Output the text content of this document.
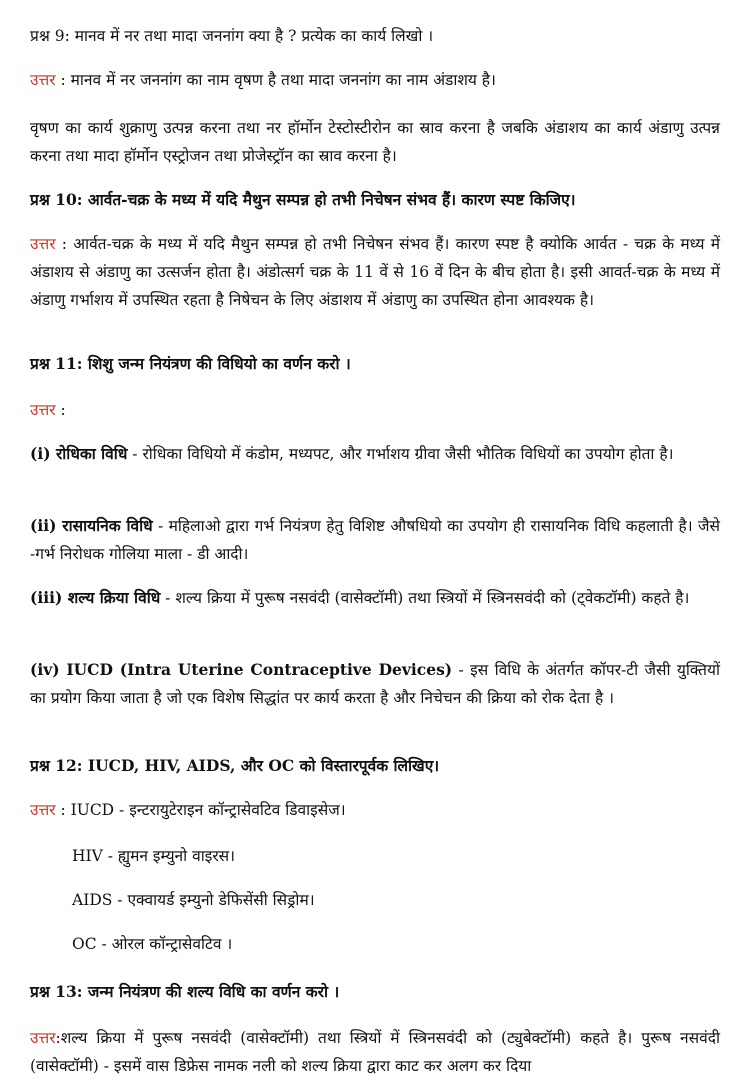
प्रश्न 9: मानव में नर तथा मादा जननांग क्या है ? प्रत्येक का कार्य लिखो ।
उत्तर : मानव में नर जननांग का नाम वृषण है तथा मादा जननांग का नाम अंडाशय है।
वृषण का कार्य शुक्राणु उत्पन्न करना तथा नर हॉर्मोन टेस्टोस्टीरोन का स्राव करना है जबकि अंडाशय का कार्य अंडाणु उत्पन्न करना तथा मादा हॉर्मोन एस्ट्रोजन तथा प्रोजेस्ट्रॉन का स्राव करना है।
प्रश्न 10: आर्वत-चक्र के मध्य में यदि मैथुन सम्पन्न हो तभी निचेषन संभव हैं। कारण स्पष्ट किजिए।
उत्तर : आर्वत-चक्र के मध्य में यदि मैथुन सम्पन्न हो तभी निचेषन संभव हैं। कारण स्पष्ट है क्योकि आर्वत - चक्र के मध्य में अंडाशय से अंडाणु का उत्सर्जन होता है। अंडोत्सर्ग चक्र के 11 वें से 16 वें दिन के बीच होता है। इसी आवर्त-चक्र के मध्य में अंडाणु गर्भाशय में उपस्थित रहता है निषेचन के लिए अंडाशय में अंडाणु का उपस्थित होना आवश्यक है।
प्रश्न 11: शिशु जन्म नियंत्रण की विधियो का वर्णन करो ।
उत्तर :
(i) रोधिका विधि - रोधिका विधियो में कंडोम, मध्यपट, और गर्भाशय ग्रीवा जैसी भौतिक विधियों का उपयोग होता है।
(ii) रासायनिक विधि - महिलाओ द्वारा गर्भ नियंत्रण हेतु विशिष्ट औषधियो का उपयोग ही रासायनिक विधि कहलाती है। जैसे -गर्भ निरोधक गोलिया माला - डी आदी।
(iii) शल्य क्रिया विधि - शल्य क्रिया में पुरूष नसवंदी (वासेक्टॉमी) तथा स्त्रियों में स्त्रिनसवंदी को (ट्वेकटॉमी) कहते है।
(iv) IUCD (Intra Uterine Contraceptive Devices) - इस विधि के अंतर्गत कॉपर-टी जैसी युक्तियों का प्रयोग किया जाता है जो एक विशेष सिद्धांत पर कार्य करता है और निचेचन की क्रिया को रोक देता है ।
प्रश्न 12: IUCD, HIV, AIDS, और OC को विस्तारपूर्वक लिखिए।
उत्तर : IUCD - इन्टरायुटेराइन कॉन्ट्रासेवटिव डिवाइसेज।
HIV - ह्युमन इम्युनो वाइरस।
AIDS - एक्वायर्ड इम्युनो डेफिसेंसी सिड्रोम।
OC - ओरल कॉन्ट्रासेवटिव ।
प्रश्न 13: जन्म नियंत्रण की शल्य विधि का वर्णन करो ।
उत्तर:शल्य क्रिया में पुरूष नसवंदी (वासेक्टॉमी) तथा स्त्रियों में स्त्रिनसवंदी को (ट्युबेक्टॉमी) कहते है। पुरूष नसवंदी (वासेक्टॉमी) - इसमें वास डिफ्रेस नामक नली को शल्य क्रिया द्वारा काट कर अलग कर दिया
